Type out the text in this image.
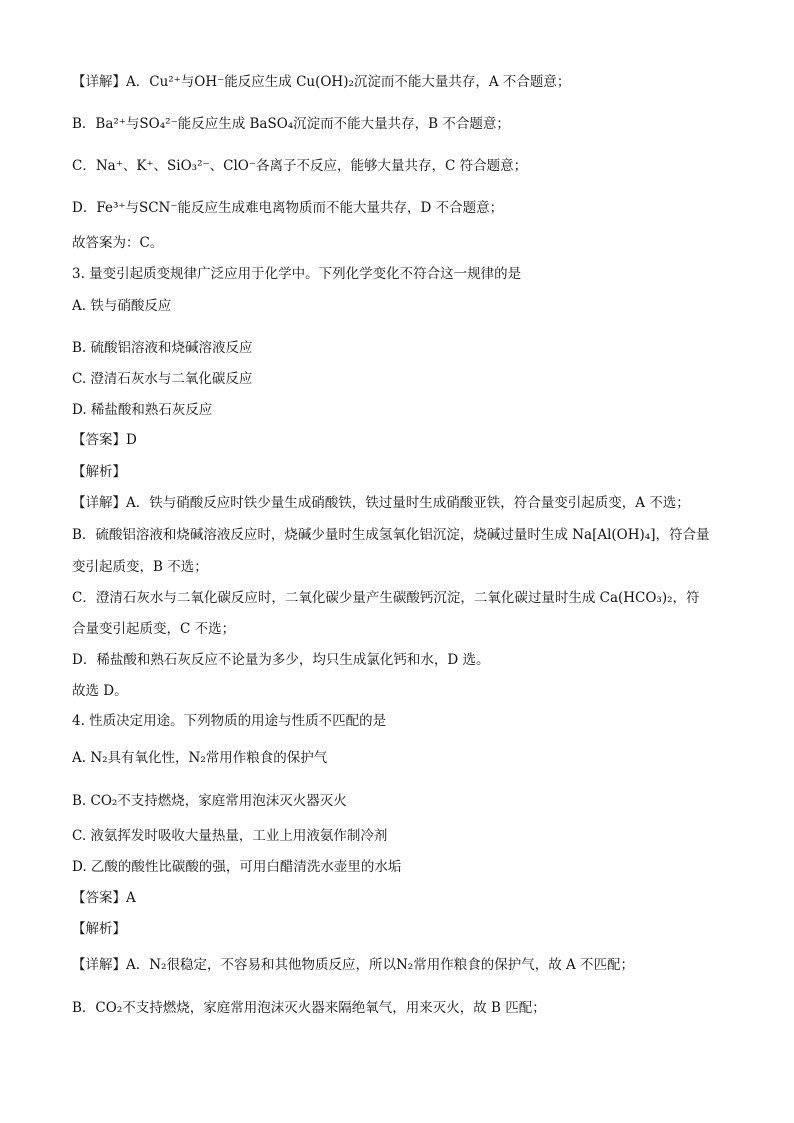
【详解】A．Cu²⁺与OH⁻能反应生成 Cu(OH)₂沉淀而不能大量共存，A 不合题意；
B．Ba²⁺与SO₄²⁻能反应生成 BaSO₄沉淀而不能大量共存，B 不合题意；
C．Na⁺、K⁺、SiO₃²⁻、ClO⁻各离子不反应，能够大量共存，C 符合题意；
D．Fe³⁺与SCN⁻能反应生成难电离物质而不能大量共存，D 不合题意；
故答案为：C。
3. 量变引起质变规律广泛应用于化学中。下列化学变化不符合这一规律的是
A. 铁与硝酸反应
B. 硫酸铝溶液和烧碱溶液反应
C. 澄清石灰水与二氧化碳反应
D. 稀盐酸和熟石灰反应
【答案】D
【解析】
【详解】A．铁与硝酸反应时铁少量生成硝酸铁，铁过量时生成硝酸亚铁，符合量变引起质变，A 不选；
B．硫酸铝溶液和烧碱溶液反应时，烧碱少量时生成氢氧化铝沉淀，烧碱过量时生成 Na[Al(OH)₄]，符合量
变引起质变，B 不选；
C．澄清石灰水与二氧化碳反应时，二氧化碳少量产生碳酸钙沉淀，二氧化碳过量时生成 Ca(HCO₃)₂，符
合量变引起质变，C 不选；
D．稀盐酸和熟石灰反应不论量为多少，均只生成氯化钙和水，D 选。
故选 D。
4. 性质决定用途。下列物质的用途与性质不匹配的是
A. N₂具有氧化性，N₂常用作粮食的保护气
B. CO₂不支持燃烧，家庭常用泡沫灭火器灭火
C. 液氨挥发时吸收大量热量，工业上用液氨作制冷剂
D. 乙酸的酸性比碳酸的强，可用白醋清洗水壶里的水垢
【答案】A
【解析】
【详解】A．N₂很稳定，不容易和其他物质反应，所以N₂常用作粮食的保护气，故 A 不匹配；
B．CO₂不支持燃烧，家庭常用泡沫灭火器来隔绝氧气，用来灭火，故 B 匹配；
